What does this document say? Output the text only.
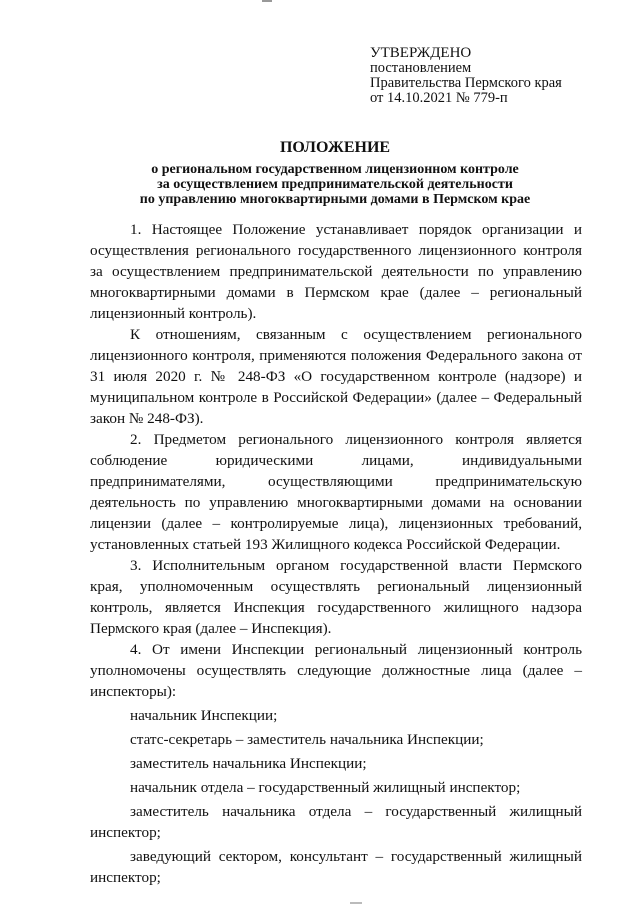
УТВЕРЖДЕНО
постановлением
Правительства Пермского края
от 14.10.2021 № 779-п
ПОЛОЖЕНИЕ
о региональном государственном лицензионном контроле
за осуществлением предпринимательской деятельности
по управлению многоквартирными домами в Пермском крае

1. Настоящее Положение устанавливает порядок организации и осуществления регионального государственного лицензионного контроля за осуществлением предпринимательской деятельности по управлению многоквартирными домами в Пермском крае (далее – региональный лицензионный контроль).

К отношениям, связанным с осуществлением регионального лицензионного контроля, применяются положения Федерального закона от 31 июля 2020 г. № 248-ФЗ «О государственном контроле (надзоре) и муниципальном контроле в Российской Федерации» (далее – Федеральный закон № 248-ФЗ).

2. Предметом регионального лицензионного контроля является соблюдение юридическими лицами, индивидуальными предпринимателями, осуществляющими предпринимательскую деятельность по управлению многоквартирными домами на основании лицензии (далее – контролируемые лица), лицензионных требований, установленных статьей 193 Жилищного кодекса Российской Федерации.

3. Исполнительным органом государственной власти Пермского края, уполномоченным осуществлять региональный лицензионный контроль, является Инспекция государственного жилищного надзора Пермского края (далее – Инспекция).

4. От имени Инспекции региональный лицензионный контроль уполномочены осуществлять следующие должностные лица (далее – инспекторы):

начальник Инспекции;

статс-секретарь – заместитель начальника Инспекции;

заместитель начальника Инспекции;

начальник отдела – государственный жилищный инспектор;

заместитель начальника отдела – государственный жилищный инспектор;

заведующий сектором, консультант – государственный жилищный инспектор;
